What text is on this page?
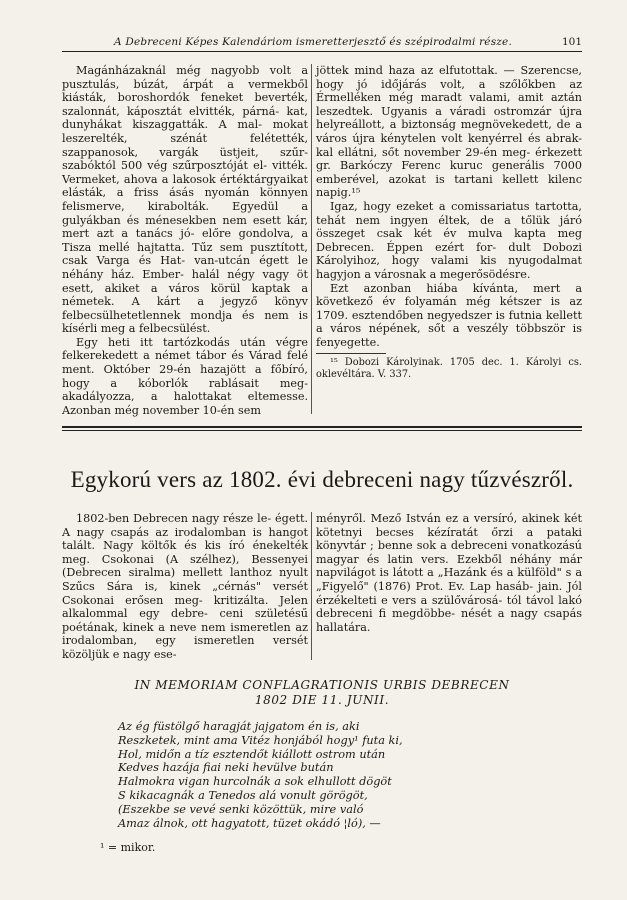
A Debreceni Képes Kalendáriom ismeretterjesztő és szépirodalmi része.	101

Magánházaknál még nagyobb volt a pusztulás, búzát, árpát a vermekből kiásták, boroshordók feneket beverték, szalonnát, káposztát elvitték, párná- kat, dunyhákat kiszaggatták. A mal- mokat leszerelték, szénát felétették, szappanosok, vargák üstjeit, szűr- szabóktól 500 vég szűrposztóját el- vitték. Vermeket, ahova a lakosok értéktárgyaikat elásták, a friss ásás nyomán könnyen felismerve, kirabolták. Egyedül a gulyákban és ménesekben nem esett kár, mert azt a tanács jó- előre gondolva, a Tisza mellé hajtatta. Tűz sem pusztított, csak Varga és Hat- van-utcán égett le néhány ház. Ember- halál négy vagy öt esett, akiket a város körül kaptak a németek. A kárt a jegyző könyv felbecsülhetetlennek mondja és nem is kísérli meg a felbecsülést.

Egy heti itt tartózkodás után végre felkerekedett a német tábor és Várad felé ment. Október 29-én hazajött a főbíró, hogy a kóborlók rablásait meg- akadályozza, a halottakat eltemesse. Azonban még november 10-én sem

jöttek mind haza az elfutottak. — Szerencse, hogy jó időjárás volt, a szőlőkben az Érmelléken még maradt valami, amit aztán leszedtek. Ugyanis a váradi ostromzár újra helyreállott, a biztonság megnövekedett, de a város újra kénytelen volt kenyérrel és abrak- kal ellátni, sőt november 29-én meg- érkezett gr. Barkóczy Ferenc kuruc generális 7000 emberével, azokat is tartani kellett kilenc napig.¹⁵

Igaz, hogy ezeket a comissariatus tartotta, tehát nem ingyen éltek, de a tőlük járó összeget csak két év mulva kapta meg Debrecen. Éppen ezért for- dult Dobozi Károlyihoz, hogy valami kis nyugodalmat hagyjon a városnak a megerősödésre.

Ezt azonban hiába kívánta, mert a következő év folyamán még kétszer is az 1709. esztendőben negyedszer is futnia kellett a város népének, sőt a veszély többször is fenyegette.

¹⁵ Dobozi Károlyinak. 1705 dec. 1. Károlyi cs. oklevéltára. V. 337.
Egykorú vers az 1802. évi debreceni nagy tűzvészről.

1802-ben Debrecen nagy része le- égett. A nagy csapás az irodalomban is hangot talált. Nagy költők és kis író énekelték meg. Csokonai (A szélhez), Bessenyei (Debrecen siralma) mellett lanthoz nyult Szűcs Sára is, kinek „cérnás" versét Csokonai erősen meg- kritizálta. Jelen alkalommal egy debre- ceni születésű poétának, kinek a neve nem ismeretlen az irodalomban, egy ismeretlen versét közöljük e nagy ese-

ményről. Mező István ez a versíró, akinek két kötetnyi becses kézíratát őrzi a pataki könyvtár ; benne sok a debreceni vonatkozású magyar és latin vers. Ezekből néhány már napvilágot is látott a „Hazánk és a külföld" s a „Figyelő" (1876) Prot. Ev. Lap hasáb- jain. Jól érzékelteti e vers a szülővárosá- tól távol lakó debreceni fi megdöbbe- nését a nagy csapás hallatára.

IN MEMORIAM CONFLAGRATIONIS URBIS DEBRECEN
1802 DIE 11. JUNII.
Az ég füstölgő haragját jajgatom én is, aki
Reszketek, mint ama Vitéz honjából hogy¹ futa ki,
Hol, midőn a tíz esztendőt kiállott ostrom után
Kedves hazája fiai neki hevülve bután
Halmokra vigan hurcolnák a sok elhullott dögöt
S kikacagnák a Tenedos alá vonult görögöt,
(Eszekbe se vevé senki közöttük, mire való
Amaz álnok, ott hagyatott, tüzet okádó ¦ló), —
¹ = mikor.
